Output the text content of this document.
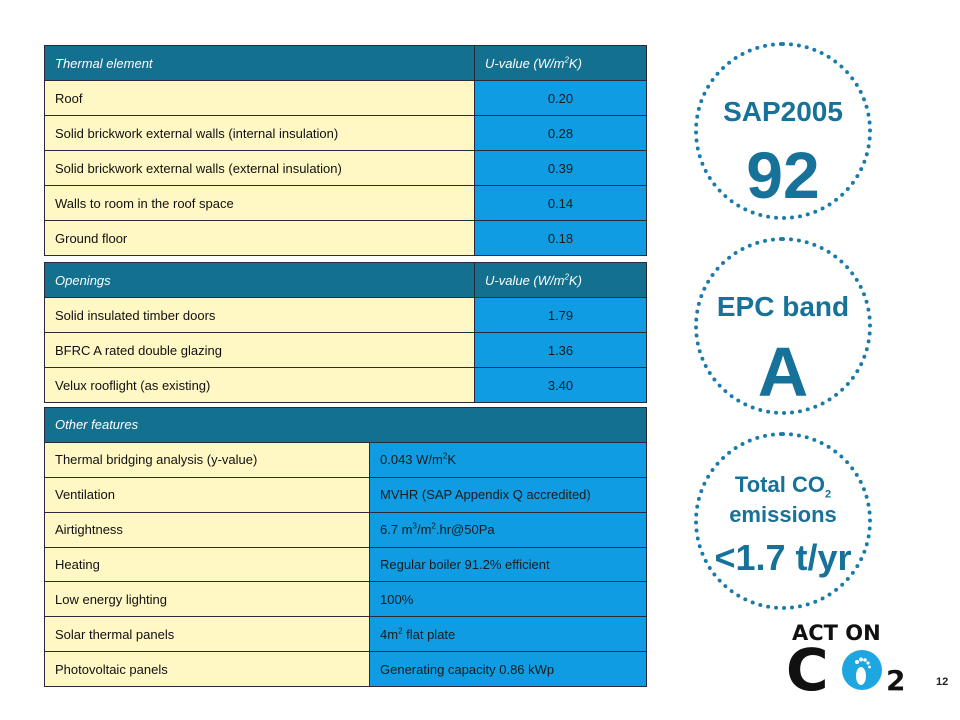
Thermal element	U-value $(W/m^2K)$
Roof	0.20
Solid brickwork external walls (internal insulation)	0.28
Solid brickwork external walls (external insulation)	0.39
Walls to room in the roof space	0.14
Ground floor	0.18
Openings	U-value $(W/m^2K)$
Solid insulated timber doors	1.79
BFRC A rated double glazing	1.36
Velux rooflight (as existing)	3.40
Other features	
Thermal bridging analysis (y-value)	0.043 $W/m^2K$
Ventilation	MVHR (SAP Appendix Q accredited)
Airtightness	6.7 $m^3/m^2.hr@50Pa$
Heating	Regular boiler 91.2% efficient
Low energy lighting	100%
Solar thermal panels	$4m^2$ flat plate
Photovoltaic panels	Generating capacity 0.86 kWp
SAP2005
92
EPC band
A
Total $CO_2$
emissions
<1.7 t/yr
ACT ON
C 2	12
